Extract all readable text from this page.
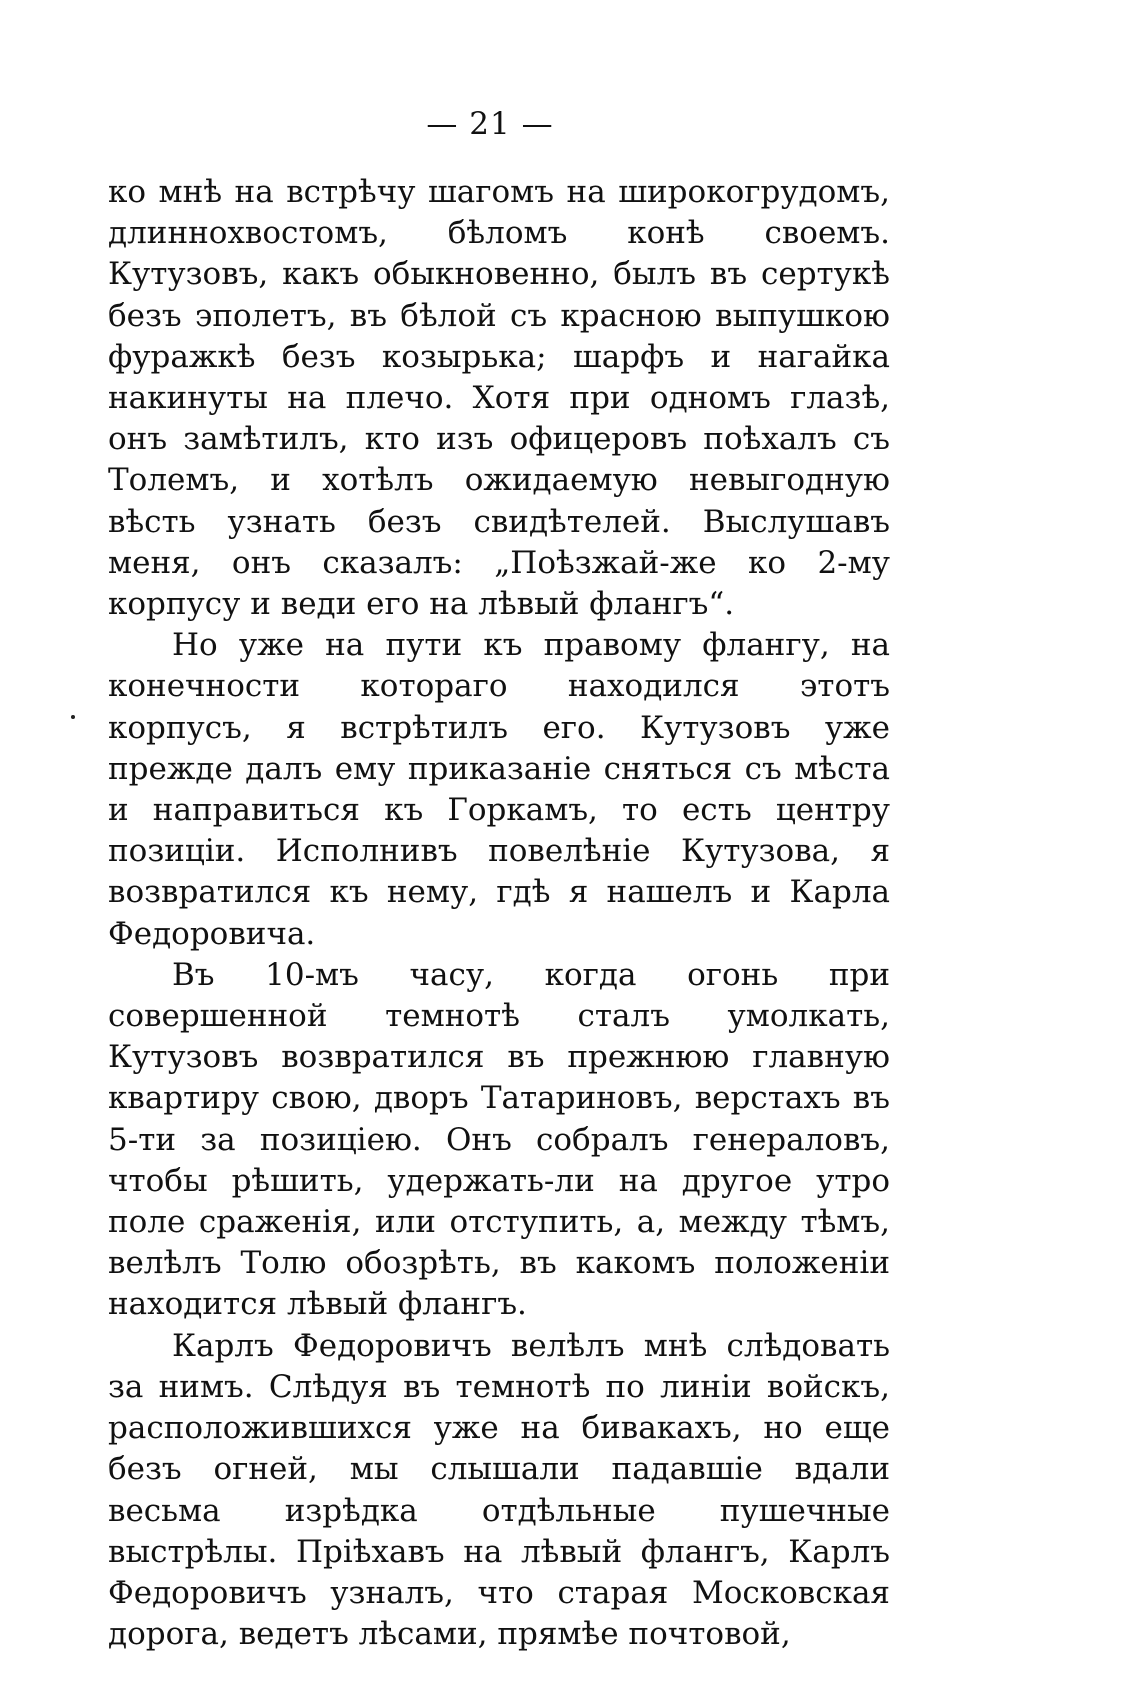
— 21 —

ко мнѣ на встрѣчу шагомъ на широкогрудомъ, длиннохвостомъ, бѣломъ конѣ своемъ. Кутузовъ, какъ обыкновенно, былъ въ сертукѣ безъ эполетъ, въ бѣлой съ красною выпушкою фуражкѣ безъ козырька; шарфъ и нагайка накинуты на плечо. Хотя при одномъ глазѣ, онъ замѣтилъ, кто изъ офицеровъ поѣхалъ съ Толемъ, и хотѣлъ ожидаемую невыгодную вѣсть узнать безъ свидѣтелей. Выслушавъ меня, онъ сказалъ: „Поѣзжай-же ко 2-му корпусу и веди его на лѣвый флангъ“.

Но уже на пути къ правому флангу, на конечности котораго находился этотъ корпусъ, я встрѣтилъ его. Кутузовъ уже прежде далъ ему приказаніе сняться съ мѣста и направиться къ Горкамъ, то есть центру позиціи. Исполнивъ повелѣніе Кутузова, я возвратился къ нему, гдѣ я нашелъ и Карла Федоровича.

Въ 10-мъ часу, когда огонь при совершенной темнотѣ сталъ умолкать, Кутузовъ возвратился въ прежнюю главную квартиру свою, дворъ Татариновъ, верстахъ въ 5-ти за позиціею. Онъ собралъ генераловъ, чтобы рѣшить, удержать-ли на другое утро поле сраженія, или отступить, а, между тѣмъ, велѣлъ Толю обозрѣть, въ какомъ положеніи находится лѣвый флангъ.

Карлъ Федоровичъ велѣлъ мнѣ слѣдовать за нимъ. Слѣдуя въ темнотѣ по линіи войскъ, расположившихся уже на бивакахъ, но еще безъ огней, мы слышали падавшіе вдали весьма изрѣдка отдѣльные пушечные выстрѣлы. Пріѣхавъ на лѣвый флангъ, Карлъ Федоровичъ узналъ, что старая Московская дорога, ведетъ лѣсами, прямѣе почтовой,
